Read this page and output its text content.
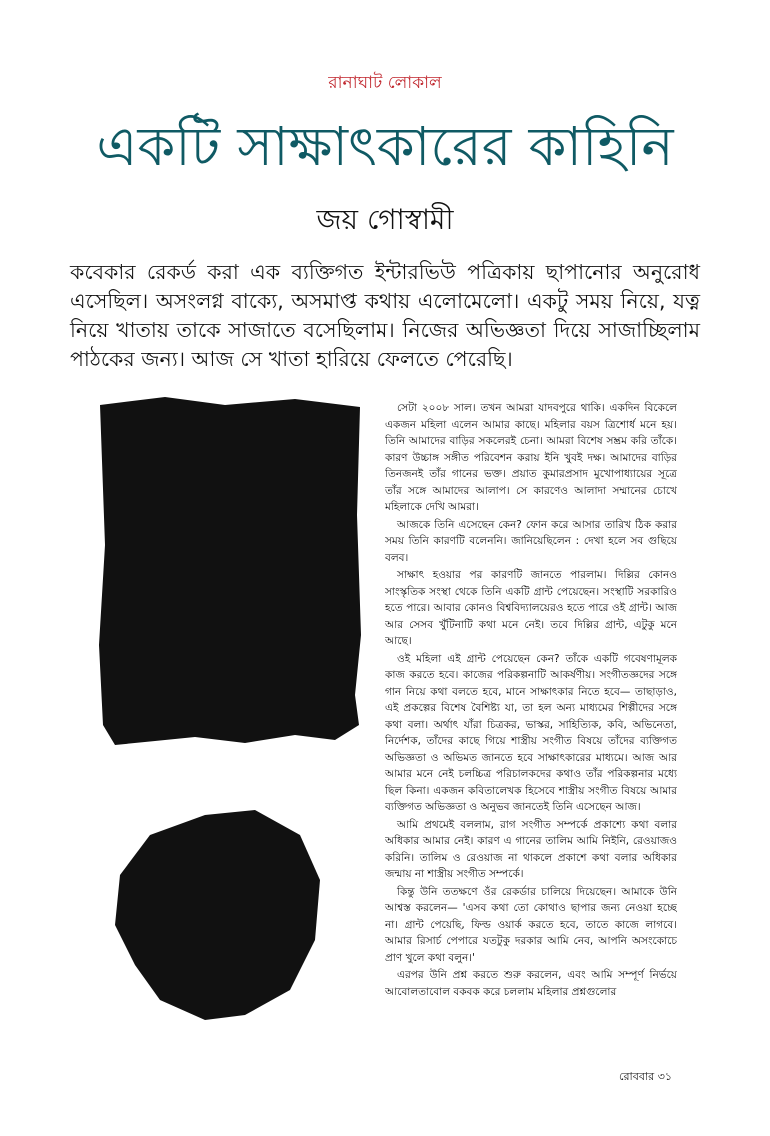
রানাঘাট লোকাল
একটি সাক্ষাৎকারের কাহিনি
জয় গোস্বামী

কবেকার রেকর্ড করা এক ব্যক্তিগত ইন্টারভিউ পত্রিকায় ছাপানোর অনুরোধ এসেছিল। অসংলগ্ন বাক্যে, অসমাপ্ত কথায় এলোমেলো। একটু সময় নিয়ে, যত্ন নিয়ে খাতায় তাকে সাজাতে বসেছিলাম। নিজের অভিজ্ঞতা দিয়ে সাজাচ্ছিলাম পাঠকের জন্য। আজ সে খাতা হারিয়ে ফেলতে পেরেছি।

সেটা ২০০৮ সাল। তখন আমরা যাদবপুরে থাকি। একদিন বিকেলে একজন মহিলা এলেন আমার কাছে। মহিলার বয়স ত্রিশোর্ধ মনে হয়। তিনি আমাদের বাড়ির সকলেরই চেনা। আমরা বিশেষ সম্ভ্রম করি তাঁকে। কারণ উচ্চাঙ্গ সঙ্গীত পরিবেশন করায় ইনি খুবই দক্ষ। আমাদের বাড়ির তিনজনই তাঁর গানের ভক্ত। প্রয়াত কুমারপ্রসাদ মুখোপাধ্যায়ের সূত্রে তাঁর সঙ্গে আমাদের আলাপ। সে কারণেও আলাদা সম্মানের চোখে মহিলাকে দেখি আমরা।

আজকে তিনি এসেছেন কেন? ফোন করে আসার তারিখ ঠিক করার সময় তিনি কারণটি বলেননি। জানিয়েছিলেন : দেখা হলে সব গুছিয়ে বলব।

সাক্ষাৎ হওয়ার পর কারণটি জানতে পারলাম। দিল্লির কোনও সাংস্কৃতিক সংস্থা থেকে তিনি একটি গ্রান্ট পেয়েছেন। সংস্থাটি সরকারিও হতে পারে। আবার কোনও বিশ্ববিদ্যালয়েরও হতে পারে ওই গ্রান্ট। আজ আর সেসব খুঁটিনাটি কথা মনে নেই। তবে দিল্লির গ্রান্ট, এটুকু মনে আছে।

ওই মহিলা এই গ্রান্ট পেয়েছেন কেন? তাঁকে একটি গবেষণামূলক কাজ করতে হবে। কাজের পরিকল্পনাটি আকর্ষণীয়। সংগীতজ্ঞদের সঙ্গে গান নিয়ে কথা বলতে হবে, মানে সাক্ষাৎকার নিতে হবে— তাছাড়াও, এই প্রকল্পের বিশেষ বৈশিষ্ট্য যা, তা হল অন্য মাধ্যমের শিল্পীদের সঙ্গে কথা বলা। অর্থাৎ যাঁরা চিত্রকর, ভাস্কর, সাহিত্যিক, কবি, অভিনেতা, নির্দেশক, তাঁদের কাছে গিয়ে শাস্ত্রীয় সংগীত বিষয়ে তাঁদের ব্যক্তিগত অভিজ্ঞতা ও অভিমত জানতে হবে সাক্ষাৎকারের মাধ্যমে। আজ আর আমার মনে নেই চলচ্চিত্র পরিচালকদের কথাও তাঁর পরিকল্পনার মধ্যে ছিল কিনা। একজন কবিতালেখক হিসেবে শাস্ত্রীয় সংগীত বিষয়ে আমার ব্যক্তিগত অভিজ্ঞতা ও অনুভব জানতেই তিনি এসেছেন আজ।

আমি প্রথমেই বললাম, রাগ সংগীত সম্পর্কে প্রকাশ্যে কথা বলার অধিকার আমার নেই। কারণ এ গানের তালিম আমি নিইনি, রেওয়াজও করিনি। তালিম ও রেওয়াজ না থাকলে প্রকাশে কথা বলার অধিকার জন্মায় না শাস্ত্রীয় সংগীত সম্পর্কে।

কিন্তু উনি ততক্ষণে ওঁর রেকর্ডার চালিয়ে দিয়েছেন। আমাকে উনি আশ্বস্ত করলেন— 'এসব কথা তো কোথাও ছাপার জন্য নেওয়া হচ্ছে না। গ্রান্ট পেয়েছি, ফিল্ড ওয়ার্ক করতে হবে, তাতে কাজে লাগবে। আমার রিসার্চ পেপারে যতটুকু দরকার আমি নেব, আপনি অসংকোচে প্রাণ খুলে কথা বলুন।'

এরপর উনি প্রশ্ন করতে শুরু করলেন, এবং আমি সম্পূর্ণ নির্ভয়ে আবোলতাবোল বকবক করে চললাম মহিলার প্রশ্নগুলোর

রোববার ৩১
